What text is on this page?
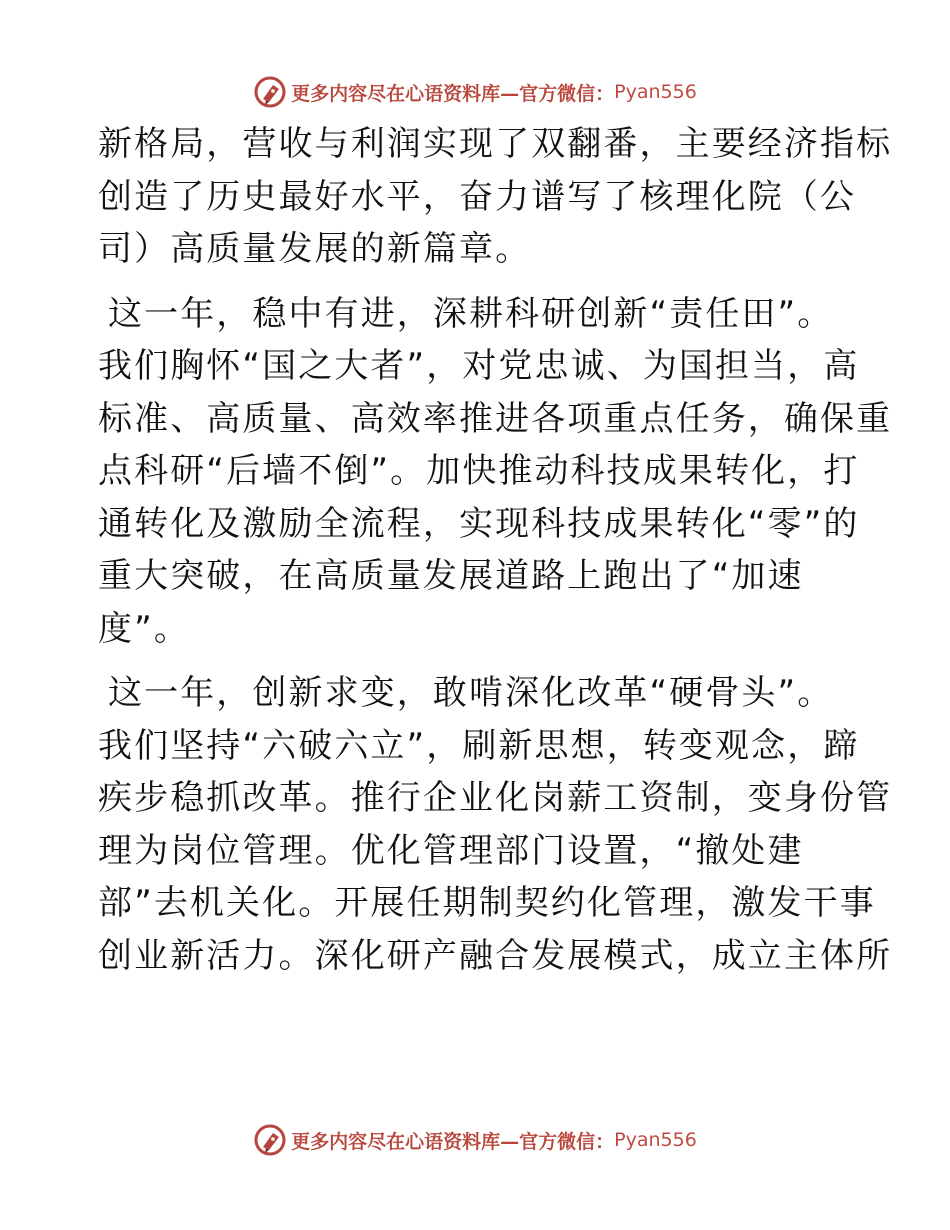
更多内容尽在心语资料库—官方微信： Pyan556
新格局，营收与利润实现了双翻番，主要经济指标
创造了历史最好水平，奋力谱写了核理化院（公
司）高质量发展的新篇章。
这一年，稳中有进，深耕科研创新“责任田”。
我们胸怀“国之大者”，对党忠诚、为国担当，高
标准、高质量、高效率推进各项重点任务，确保重
点科研“后墙不倒”。加快推动科技成果转化，打
通转化及激励全流程，实现科技成果转化“零”的
重大突破，在高质量发展道路上跑出了“加速
度”。
这一年，创新求变，敢啃深化改革“硬骨头”。
我们坚持“六破六立”，刷新思想，转变观念，蹄
疾步稳抓改革。推行企业化岗薪工资制，变身份管
理为岗位管理。优化管理部门设置，“撤处建
部”去机关化。开展任期制契约化管理，激发干事
创业新活力。深化研产融合发展模式，成立主体所
更多内容尽在心语资料库—官方微信： Pyan556
